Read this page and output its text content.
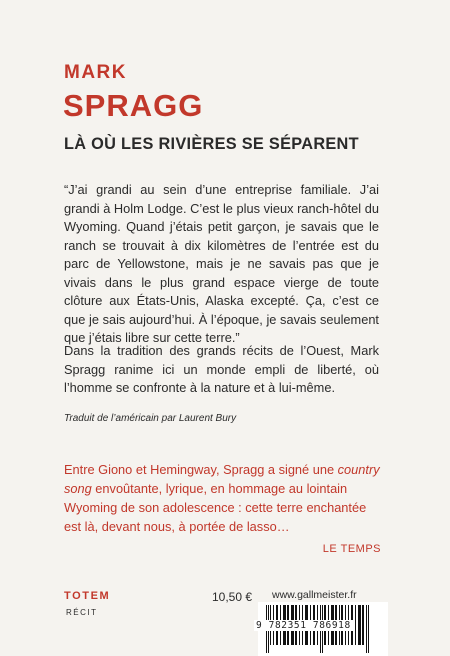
MARK
SPRAGG
LÀ OÙ LES RIVIÈRES SE SÉPARENT

“J’ai grandi au sein d’une entreprise familiale. J’ai grandi à Holm Lodge. C’est le plus vieux ranch-hôtel du Wyoming. Quand j’étais petit garçon, je savais que le ranch se trouvait à dix kilomètres de l’entrée est du parc de Yellowstone, mais je ne savais pas que je vivais dans le plus grand espace vierge de toute clôture aux États-Unis, Alaska excepté. Ça, c’est ce que je sais aujourd’hui. À l’époque, je savais seulement que j’étais libre sur cette terre.”

Dans la tradition des grands récits de l’Ouest, Mark Spragg ranime ici un monde empli de liberté, où l’homme se confronte à la nature et à lui-même.

Traduit de l’américain par Laurent Bury

Entre Giono et Hemingway, Spragg a signé une country song envoûtante, lyrique, en hommage au lointain Wyoming de son adolescence : cette terre enchantée est là, devant nous, à portée de lasso…

LE TEMPS
TOTEM
RÉCIT
10,50 € www.gallmeister.fr
9 782351 786918
